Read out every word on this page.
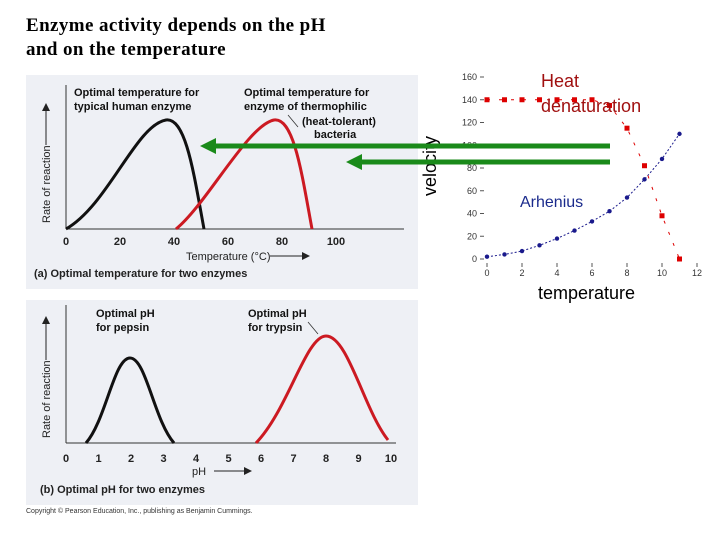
Enzyme activity depends on the pH
and on the temperature
Rate of reaction
0	20	40	60	80	100
Temperature (°C)
(a) Optimal temperature for two enzymes
Optimal temperature for
typical human enzyme
Optimal temperature for
enzyme of thermophilic
(heat-tolerant)
bacteria
Rate of reaction
0 1 2 3 4 5 6 7 8 9 10
pH
(b) Optimal pH for two enzymes
Optimal pH
for pepsin
Optimal pH
for trypsin
Copyright © Pearson Education, Inc., publishing as Benjamin Cummings.
0
20
40
60
80
100
120
140
160
0	2	4	6	8	10	12
velocity
temperature
Heat
denaturation
Arhenius
